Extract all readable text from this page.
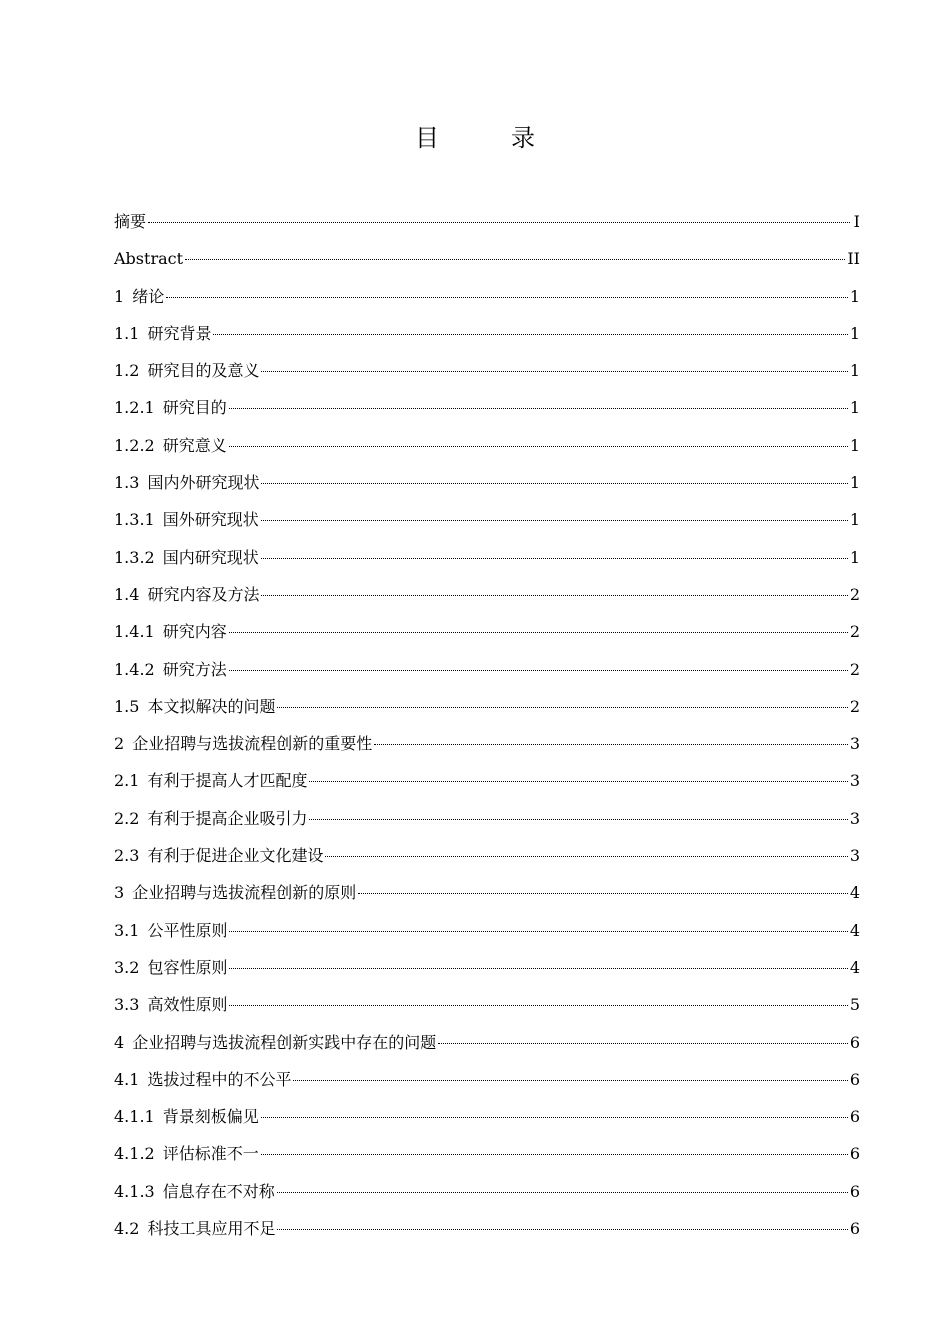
目　录
摘要	I
Abstract	II
1 绪论	1
1.1 研究背景	1
1.2 研究目的及意义	1
1.2.1 研究目的	1
1.2.2 研究意义	1
1.3 国内外研究现状	1
1.3.1 国外研究现状	1
1.3.2 国内研究现状	1
1.4 研究内容及方法	2
1.4.1 研究内容	2
1.4.2 研究方法	2
1.5 本文拟解决的问题	2
2 企业招聘与选拔流程创新的重要性	3
2.1 有利于提高人才匹配度	3
2.2 有利于提高企业吸引力	3
2.3 有利于促进企业文化建设	3
3 企业招聘与选拔流程创新的原则	4
3.1 公平性原则	4
3.2 包容性原则	4
3.3 高效性原则	5
4 企业招聘与选拔流程创新实践中存在的问题	6
4.1 选拔过程中的不公平	6
4.1.1 背景刻板偏见	6
4.1.2 评估标准不一	6
4.1.3 信息存在不对称	6
4.2 科技工具应用不足	6
